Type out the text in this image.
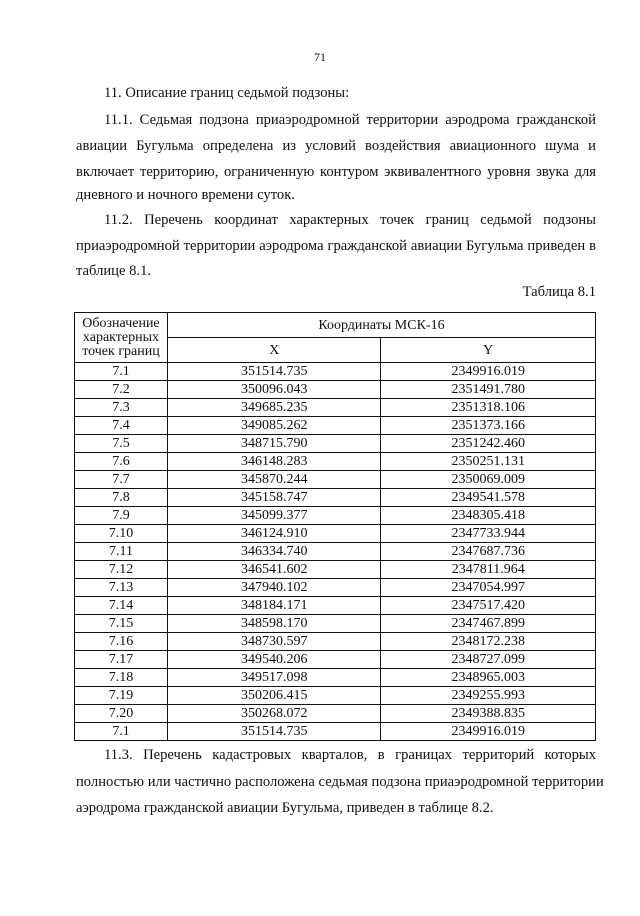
71
11. Описание границ седьмой подзоны:
11.1. Седьмая подзона приаэродромной территории аэродрома гражданской
авиации Бугульма определена из условий воздействия авиационного шума и
включает территорию, ограниченную контуром эквивалентного уровня звука для
дневного и ночного времени суток.
11.2. Перечень координат характерных точек границ седьмой подзоны
приаэродромной территории аэродрома гражданской авиации Бугульма приведен в
таблице 8.1.
Таблица 8.1
Обозначение характерных точек границ	Координаты МСК-16	
	X	Y
7.1	351514.735	2349916.019
7.2	350096.043	2351491.780
7.3	349685.235	2351318.106
7.4	349085.262	2351373.166
7.5	348715.790	2351242.460
7.6	346148.283	2350251.131
7.7	345870.244	2350069.009
7.8	345158.747	2349541.578
7.9	345099.377	2348305.418
7.10	346124.910	2347733.944
7.11	346334.740	2347687.736
7.12	346541.602	2347811.964
7.13	347940.102	2347054.997
7.14	348184.171	2347517.420
7.15	348598.170	2347467.899
7.16	348730.597	2348172.238
7.17	349540.206	2348727.099
7.18	349517.098	2348965.003
7.19	350206.415	2349255.993
7.20	350268.072	2349388.835
7.1	351514.735	2349916.019
11.3. Перечень кадастровых кварталов, в границах территорий которых
полностью или частично расположена седьмая подзона приаэродромной территории
аэродрома гражданской авиации Бугульма, приведен в таблице 8.2.
